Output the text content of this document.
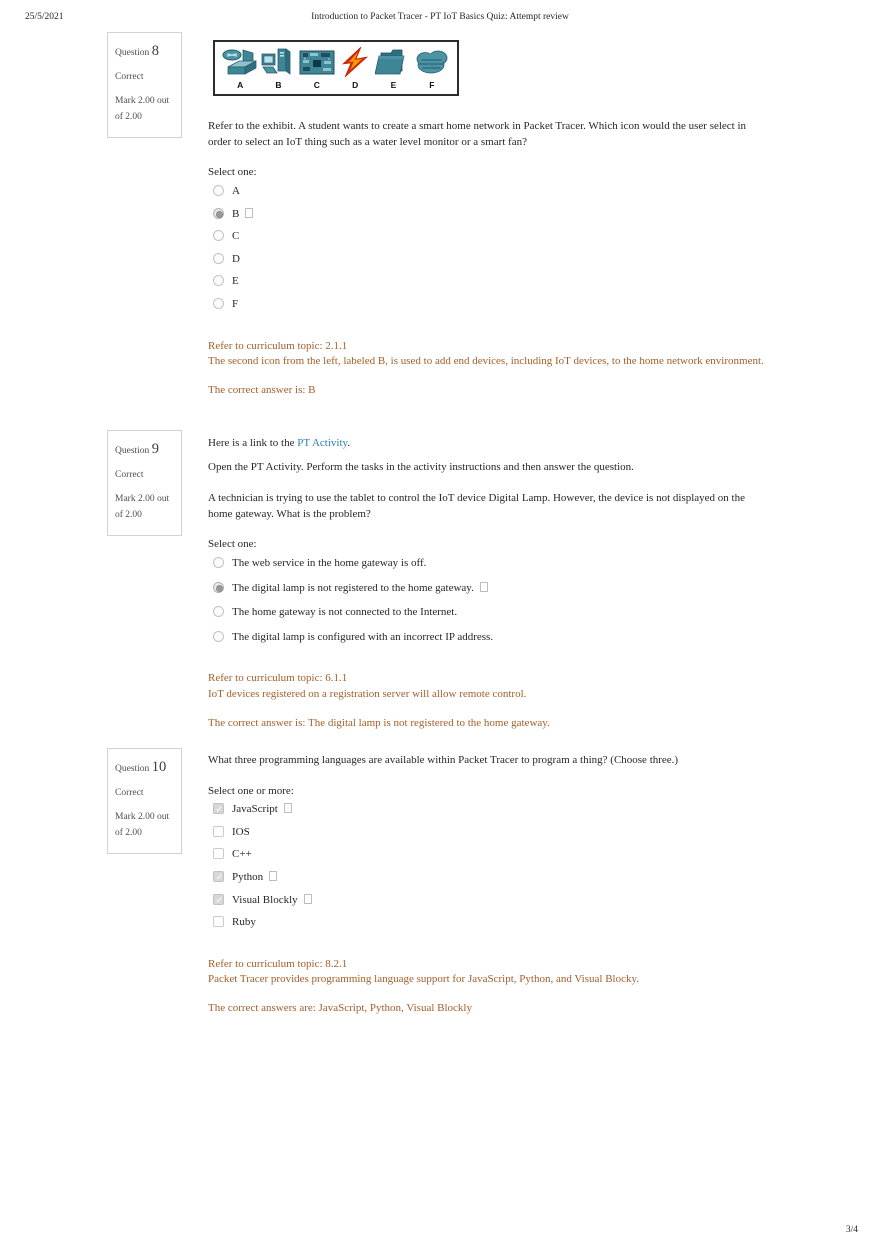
25/5/2021	Introduction to Packet Tracer - PT IoT Basics Quiz: Attempt review
Question 8
Correct
Mark 2.00 out of 2.00
A	B	C	D	E	F

Refer to the exhibit. A student wants to create a smart home network in Packet Tracer. Which icon would the user select in order to select an IoT thing such as a water level monitor or a smart fan?

Select one:

A
B
C
D
E
F
Refer to curriculum topic: 2.1.1
The second icon from the left, labeled B, is used to add end devices, including IoT devices, to the home network environment.
The correct answer is: B
Question 9
Correct
Mark 2.00 out of 2.00

Here is a link to the PT Activity.

Open the PT Activity. Perform the tasks in the activity instructions and then answer the question.

A technician is trying to use the tablet to control the IoT device Digital Lamp. However, the device is not displayed on the home gateway. What is the problem?

Select one:

The web service in the home gateway is off.
The digital lamp is not registered to the home gateway.
The home gateway is not connected to the Internet.
The digital lamp is configured with an incorrect IP address.
Refer to curriculum topic: 6.1.1
IoT devices registered on a registration server will allow remote control.
The correct answer is: The digital lamp is not registered to the home gateway.
Question 10
Correct
Mark 2.00 out of 2.00

What three programming languages are available within Packet Tracer to program a thing? (Choose three.)

Select one or more:

✓JavaScript
IOS
C++
✓Python
✓Visual Blockly
Ruby
Refer to curriculum topic: 8.2.1
Packet Tracer provides programming language support for JavaScript, Python, and Visual Blocky.
The correct answers are: JavaScript, Python, Visual Blockly
3/4
